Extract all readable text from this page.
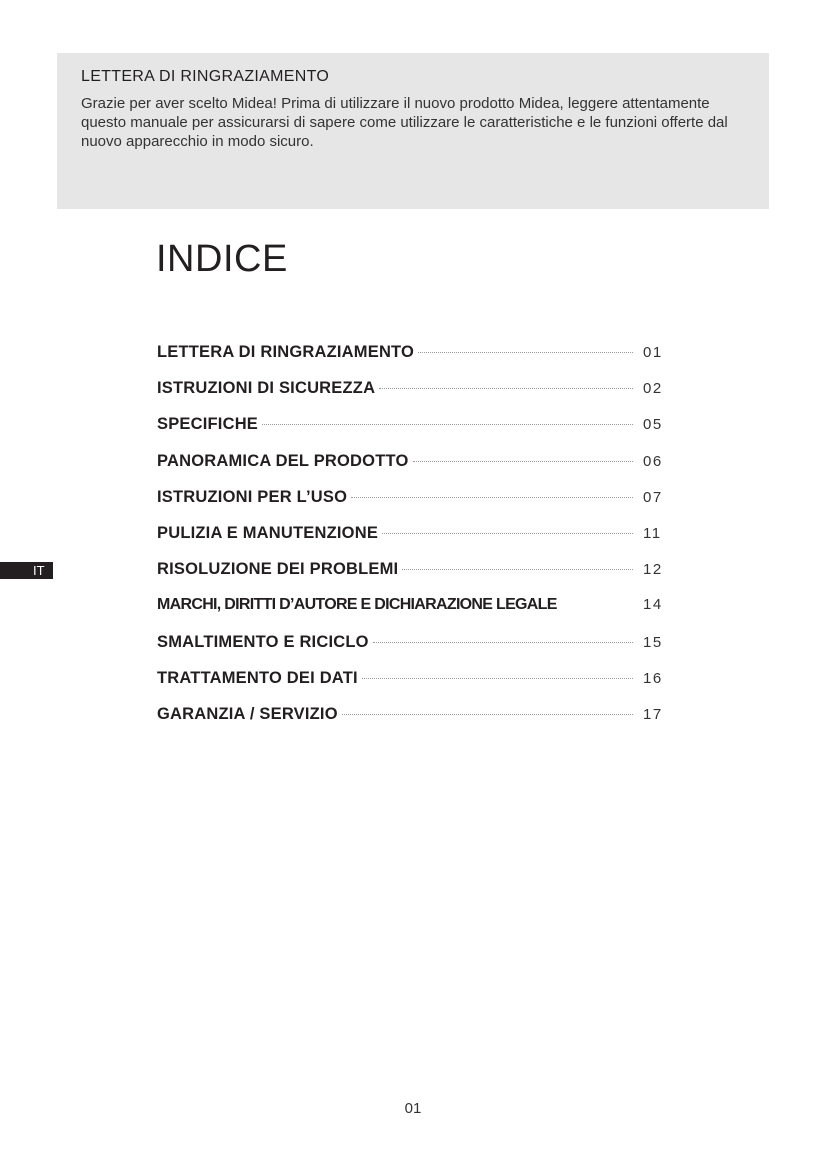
LETTERA DI RINGRAZIAMENTO

Grazie per aver scelto Midea! Prima di utilizzare il nuovo prodotto Midea, leggere attentamente questo manuale per assicurarsi di sapere come utilizzare le caratteristiche e le funzioni offerte dal nuovo apparecchio in modo sicuro.

INDICE
LETTERA DI RINGRAZIAMENTO	01
ISTRUZIONI DI SICUREZZA	02
SPECIFICHE	05
PANORAMICA DEL PRODOTTO	06
ISTRUZIONI PER L’USO	07
PULIZIA E MANUTENZIONE	11
RISOLUZIONE DEI PROBLEMI	12
MARCHI, DIRITTI D’AUTORE E DICHIARAZIONE LEGALE	14
SMALTIMENTO E RICICLO	15
TRATTAMENTO DEI DATI	16
GARANZIA / SERVIZIO	17
IT
01
